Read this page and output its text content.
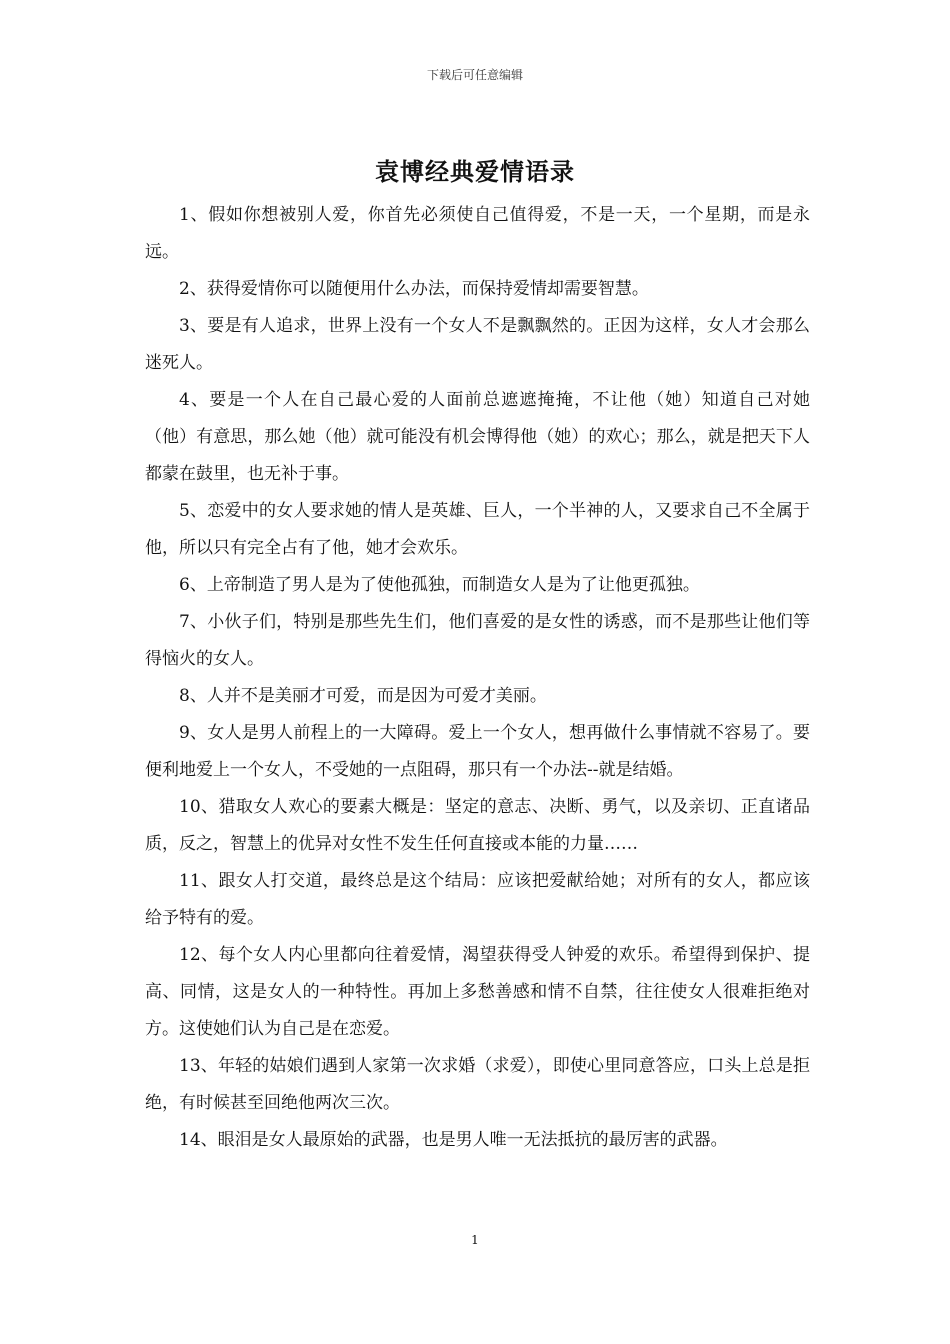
下载后可任意编辑
袁博经典爱情语录

1、假如你想被别人爱，你首先必须使自己值得爱，不是一天，一个星期，而是永远。

2、获得爱情你可以随便用什么办法，而保持爱情却需要智慧。

3、要是有人追求，世界上没有一个女人不是飘飘然的。正因为这样，女人才会那么迷死人。

4、要是一个人在自己最心爱的人面前总遮遮掩掩，不让他（她）知道自己对她（他）有意思，那么她（他）就可能没有机会博得他（她）的欢心；那么，就是把天下人都蒙在鼓里，也无补于事。

5、恋爱中的女人要求她的情人是英雄、巨人，一个半神的人，又要求自己不全属于他，所以只有完全占有了他，她才会欢乐。

6、上帝制造了男人是为了使他孤独，而制造女人是为了让他更孤独。

7、小伙子们，特别是那些先生们，他们喜爱的是女性的诱惑，而不是那些让他们等得恼火的女人。

8、人并不是美丽才可爱，而是因为可爱才美丽。

9、女人是男人前程上的一大障碍。爱上一个女人，想再做什么事情就不容易了。要便利地爱上一个女人，不受她的一点阻碍，那只有一个办法--就是结婚。

10、猎取女人欢心的要素大概是：坚定的意志、决断、勇气，以及亲切、正直诸品质，反之，智慧上的优异对女性不发生任何直接或本能的力量……

11、跟女人打交道，最终总是这个结局：应该把爱献给她；对所有的女人，都应该给予特有的爱。

12、每个女人内心里都向往着爱情，渴望获得受人钟爱的欢乐。希望得到保护、提高、同情，这是女人的一种特性。再加上多愁善感和情不自禁，往往使女人很难拒绝对方。这使她们认为自己是在恋爱。

13、年轻的姑娘们遇到人家第一次求婚（求爱），即使心里同意答应，口头上总是拒绝，有时候甚至回绝他两次三次。

14、眼泪是女人最原始的武器，也是男人唯一无法抵抗的最厉害的武器。

1
